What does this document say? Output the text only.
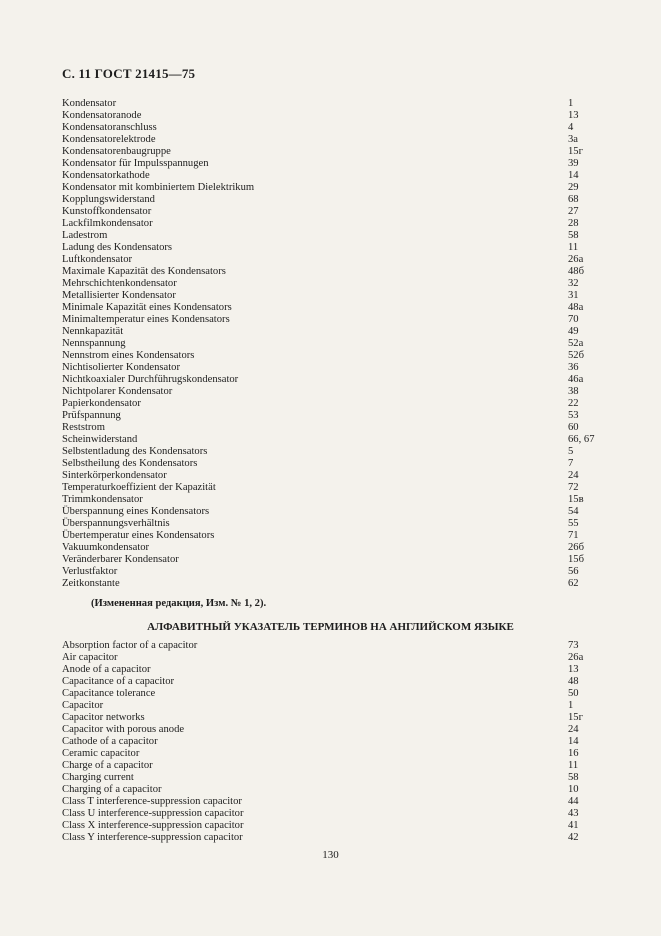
С. 11 ГОСТ 21415—75
Kondensator	1
Kondensatoranode	13
Kondensatoranschluss	4
Kondensatorelektrode	3a
Kondensatorenbaugruppe	15г
Kondensator für Impulsspannugen	39
Kondensatorkathode	14
Kondensator mit kombiniertem Dielektrikum	29
Kopplungswiderstand	68
Kunstoffkondensator	27
Lackfilmkondensator	28
Ladestrom	58
Ladung des Kondensators	11
Luftkondensator	26a
Maximale Kapazität des Kondensators	48б
Mehrschichtenkondensator	32
Metallisierter Kondensator	31
Minimale Kapazität eines Kondensators	48a
Minimaltemperatur eines Kondensators	70
Nennkapazität	49
Nennspannung	52a
Nennstrom eines Kondensators	52б
Nichtisolierter Kondensator	36
Nichtkoaxialer Durchführugskondensator	46a
Nichtpolarer Kondensator	38
Papierkondensator	22
Prüfspannung	53
Reststrom	60
Scheinwiderstand	66, 67
Selbstentladung des Kondensators	5
Selbstheilung des Kondensators	7
Sinterkörperkondensator	24
Temperaturkoeffizient der Kapazität	72
Trimmkondensator	15в
Überspannung eines Kondensators	54
Überspannungsverhältnis	55
Übertemperatur eines Kondensators	71
Vakuumkondensator	26б
Veränderbarer Kondensator	15б
Verlustfaktor	56
Zeitkonstante	62
(Измененная редакция, Изм. № 1, 2).
АЛФАВИТНЫЙ УКАЗАТЕЛЬ ТЕРМИНОВ НА АНГЛИЙСКОМ ЯЗЫКЕ
Absorption factor of a capacitor	73
Air capacitor	26a
Anode of a capacitor	13
Capacitance of a capacitor	48
Capacitance tolerance	50
Capacitor	1
Capacitor networks	15г
Capacitor with porous anode	24
Cathode of a capacitor	14
Ceramic capacitor	16
Charge of a capacitor	11
Charging current	58
Charging of a capacitor	10
Class T interference-suppression capacitor	44
Class U interference-suppression capacitor	43
Class X interference-suppression capacitor	41
Class Y interference-suppression capacitor	42
130
